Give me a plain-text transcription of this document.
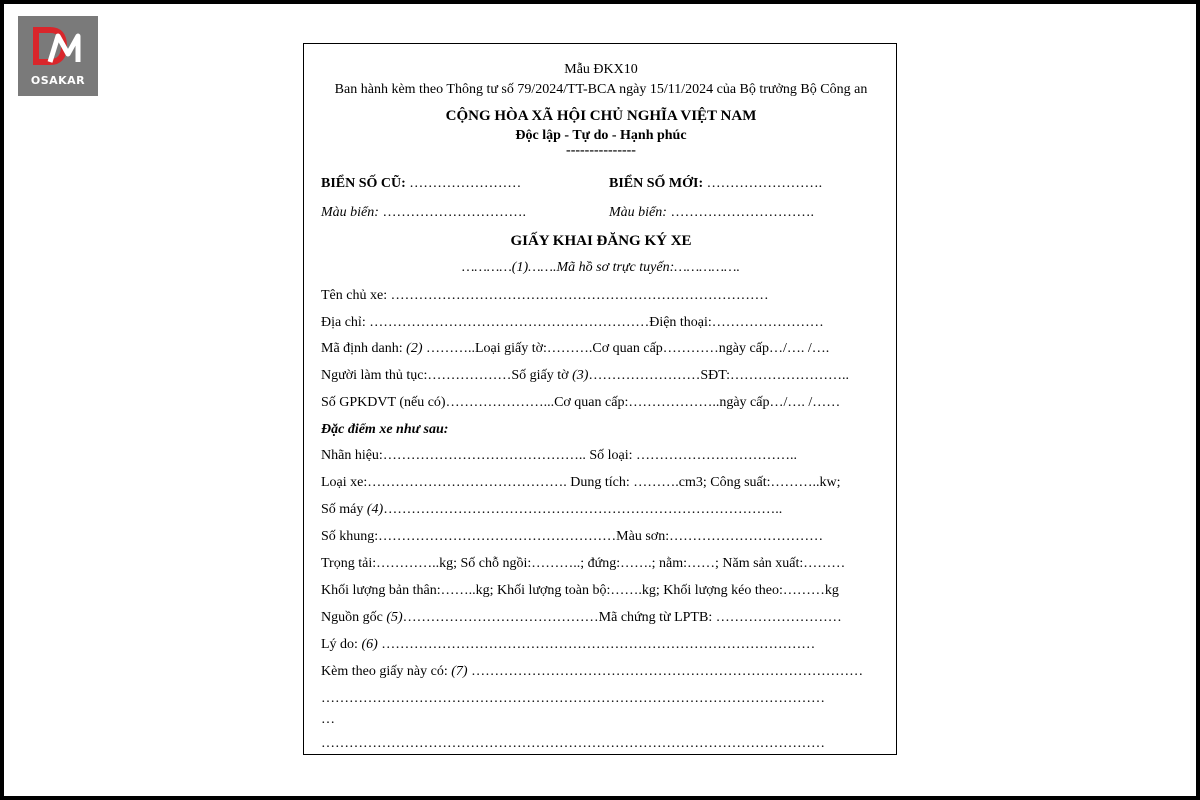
OSAKAR
Mẫu ĐKX10
Ban hành kèm theo Thông tư số 79/2024/TT-BCA ngày 15/11/2024 của Bộ trưởng Bộ Công an
CỘNG HÒA XÃ HỘI CHỦ NGHĨA VIỆT NAM
Độc lập - Tự do - Hạnh phúc
---------------
BIỂN SỐ CŨ: ……………………	BIỂN SỐ MỚI: …………………….
Màu biển: ………………………….	Màu biển: ………………………….
GIẤY KHAI ĐĂNG KÝ XE
…………(1)…….Mã hồ sơ trực tuyến:…………….
Tên chủ xe: ………………………………………………………………………
Địa chỉ: ……………………………………………………Điện thoại:……………………
Mã định danh: (2) ………..Loại giấy tờ:……….Cơ quan cấp…………ngày cấp…/…. /….
Người làm thủ tục:………………Số giấy tờ (3)……………………SĐT:……………………..
Số GPKDVT (nếu có)…………………...Cơ quan cấp:………………..ngày cấp…/…. /……
Đặc điểm xe như sau:
Nhãn hiệu:…………………………………….. Số loại: ……………………………..
Loại xe:……………………………………. Dung tích: ……….cm3; Công suất:………..kw;
Số máy (4)…………………………………………………………………………..
Số khung:……………………………………………Màu sơn:……………………………
Trọng tải:…………..kg; Số chỗ ngồi:………..; đứng:…….; nằm:……; Năm sản xuất:………
Khối lượng bản thân:……..kg; Khối lượng toàn bộ:…….kg; Khối lượng kéo theo:………kg
Nguồn gốc (5)……………………………………Mã chứng từ LPTB: ………………………
Lý do: (6) …………………………………………………………………………………
Kèm theo giấy này có: (7) …………………………………………………………………………
………………………………………………………………………………………………
…
………………………………………………………………………………………………
